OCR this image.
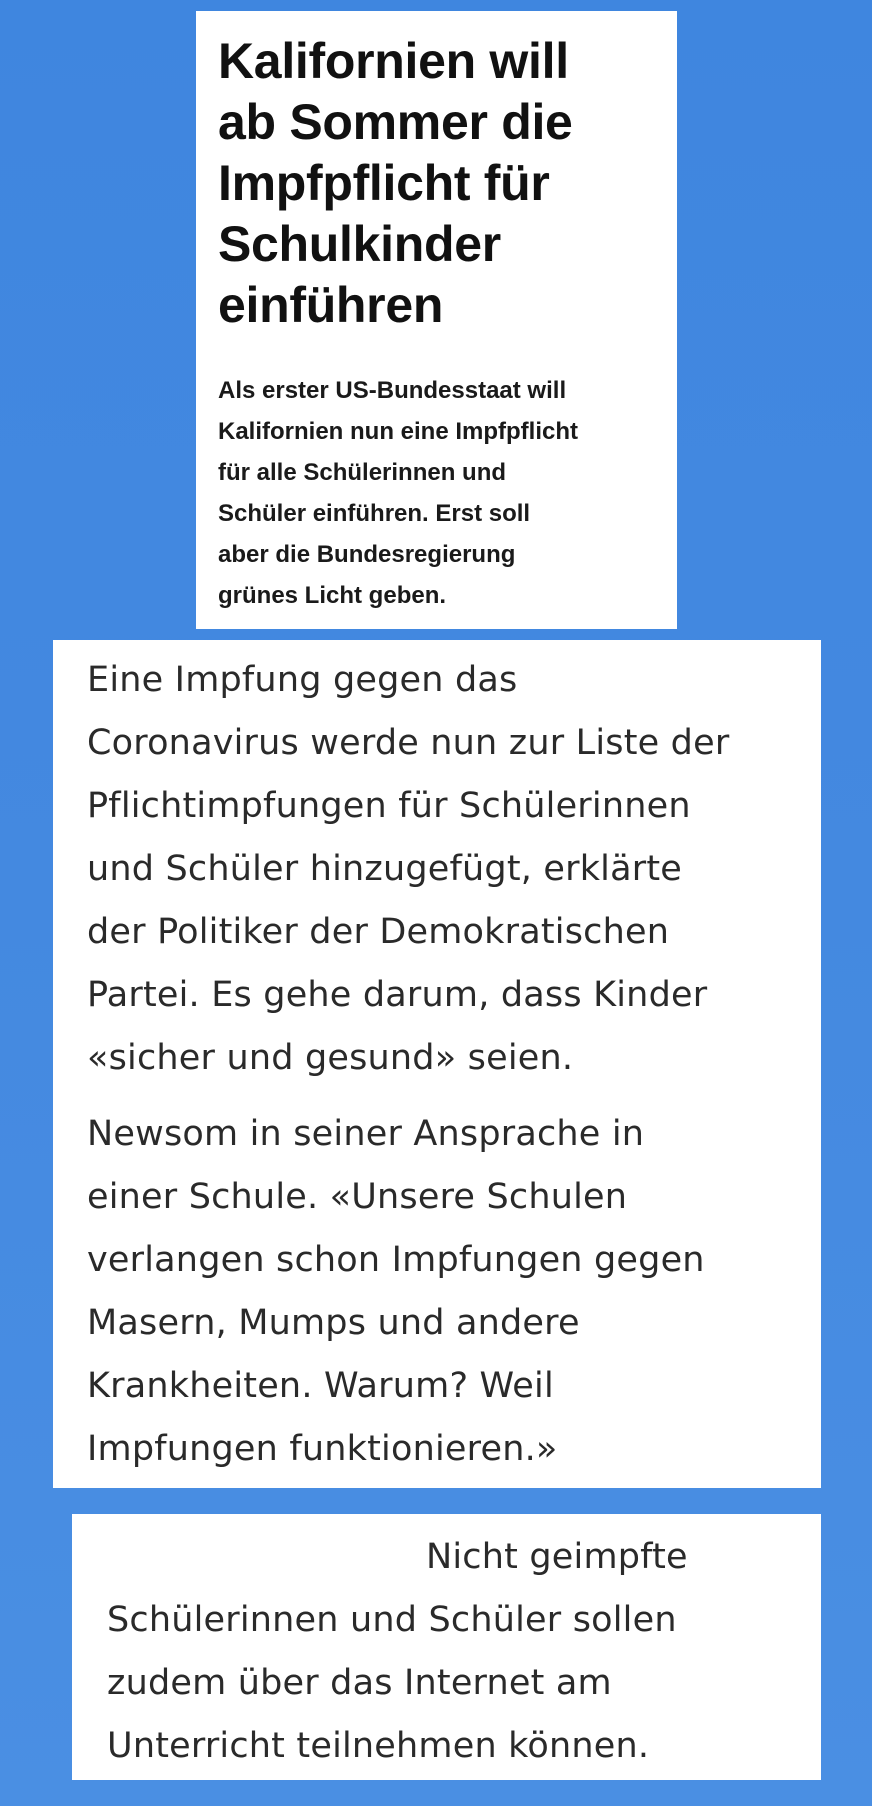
Kalifornien will
ab Sommer die
Impfpflicht für
Schulkinder
einführen

Als erster US-Bundesstaat will
Kalifornien nun eine Impfpflicht
für alle Schülerinnen und
Schüler einführen. Erst soll
aber die Bundesregierung
grünes Licht geben.

Eine Impfung gegen das
Coronavirus werde nun zur Liste der
Pflichtimpfungen für Schülerinnen
und Schüler hinzugefügt, erklärte
der Politiker der Demokratischen
Partei. Es gehe darum, dass Kinder
«sicher und gesund» seien.

Newsom in seiner Ansprache in
einer Schule. «Unsere Schulen
verlangen schon Impfungen gegen
Masern, Mumps und andere
Krankheiten. Warum? Weil
Impfungen funktionieren.»

Nicht geimpfte
Schülerinnen und Schüler sollen
zudem über das Internet am
Unterricht teilnehmen können.
